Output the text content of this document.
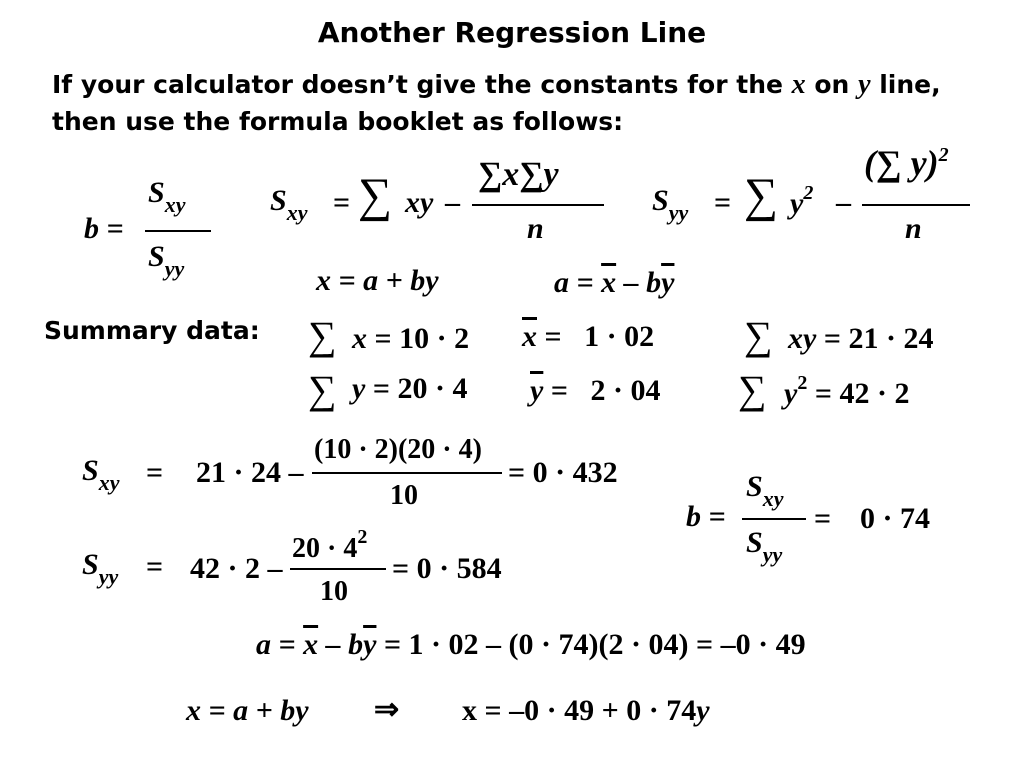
Another Regression Line
If your calculator doesn’t give the constants for the x on y line, then use the formula booklet as follows:
b =
$S_{xy}$
$S_{yy}$
$S_{xy}$ = ∑ xy –
∑x∑y
n
$S_{yy}$ = ∑ $y^2$ –
(∑ y)$^2$
n
x = a + by	$a = \overline{x} - b\overline{y}$
Summary data: ∑ x = 10 · 2
∑ y = 20 · 4
$\overline{x} = 1 \cdot 02$
$\overline{y} = 2 \cdot 04$
∑ xy = 21 · 24
∑ $y^2 = 42 \cdot 2$
$S_{xy} = 21 \cdot 24$ –
(10 · 2)(20 · 4)
10
= 0 · 432
$S_{yy} = 42 \cdot 2$ –
$20 \cdot 4^2$
10
= 0 · 584
b =
$S_{xy}$
$S_{yy}$
= 0 · 74
$a = \overline{x} - b\overline{y} = 1 \cdot 02 - (0 \cdot 74)(2 \cdot 04) = -0 \cdot 49$
x = a + by ⇒ x = –0 · 49 + 0 · 74y
